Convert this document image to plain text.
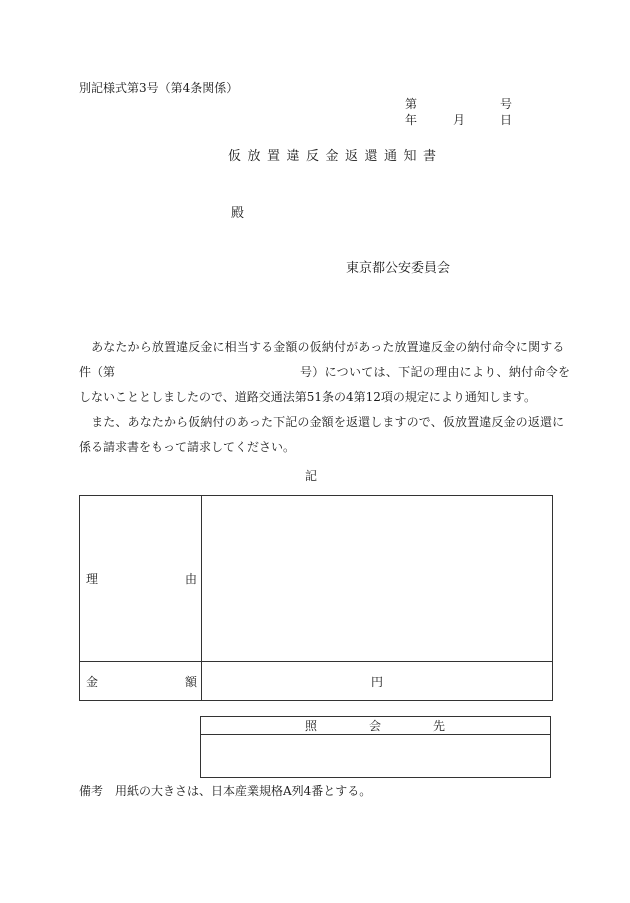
別記様式第3号（第4条関係）
第	号
年	月	日
仮放置違反金返還通知書
殿
東京都公安委員会
　あなたから放置違反金に相当する金額の仮納付があった放置違反金の納付命令に関する
件（第	号）については、下記の理由により、納付命令を
しないこととしましたので、道路交通法第51条の4第12項の規定により通知します。
　また、あなたから仮納付のあった下記の金額を返還しますので、仮放置違反金の返還に
係る請求書をもって請求してください。
記
理	由
金	額	円
照	会	先
備考　用紙の大きさは、日本産業規格A列4番とする。
